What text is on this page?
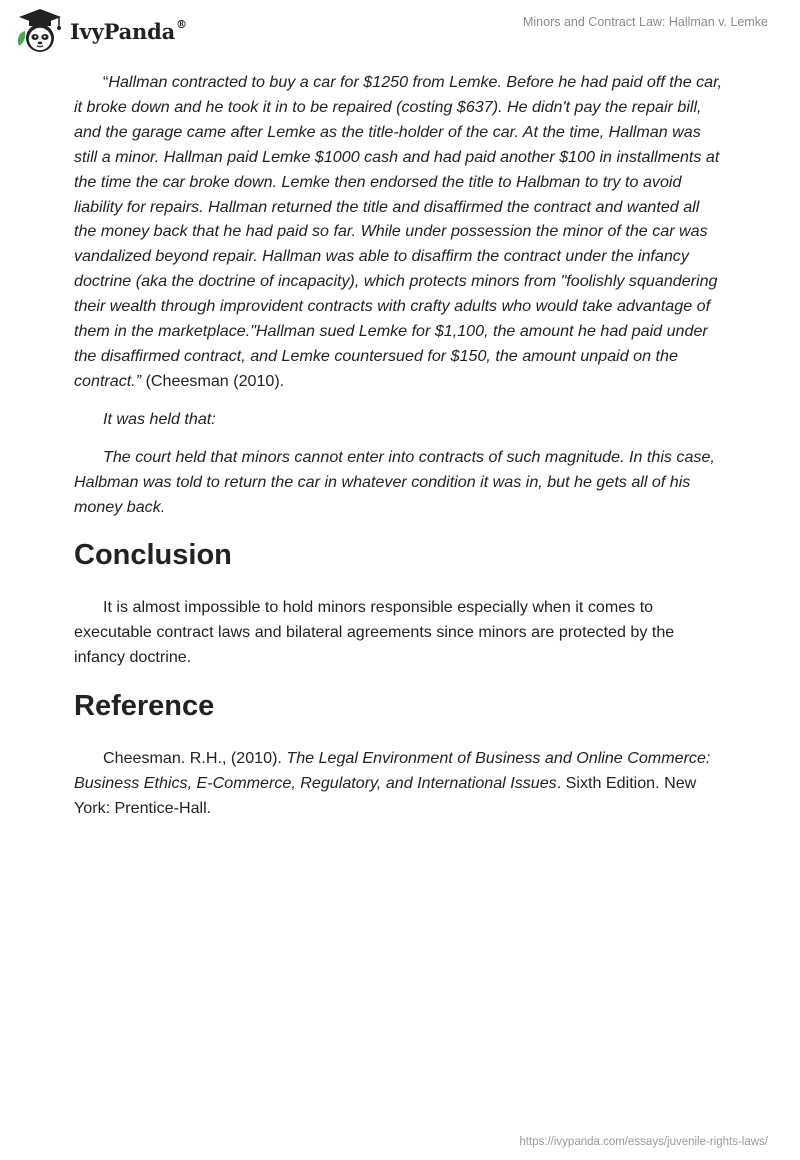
IvyPanda®	Minors and Contract Law: Hallman v. Lemke

“Hallman contracted to buy a car for $1250 from Lemke. Before he had paid off the car, it broke down and he took it in to be repaired (costing $637). He didn't pay the repair bill, and the garage came after Lemke as the title-holder of the car. At the time, Hallman was still a minor. Hallman paid Lemke $1000 cash and had paid another $100 in installments at the time the car broke down. Lemke then endorsed the title to Halbman to try to avoid liability for repairs. Hallman returned the title and disaffirmed the contract and wanted all the money back that he had paid so far. While under possession the minor of the car was vandalized beyond repair. Hallman was able to disaffirm the contract under the infancy doctrine (aka the doctrine of incapacity), which protects minors from "foolishly squandering their wealth through improvident contracts with crafty adults who would take advantage of them in the marketplace."Hallman sued Lemke for $1,100, the amount he had paid under the disaffirmed contract, and Lemke countersued for $150, the amount unpaid on the contract.” (Cheesman (2010).

It was held that:

The court held that minors cannot enter into contracts of such magnitude. In this case, Halbman was told to return the car in whatever condition it was in, but he gets all of his money back.

Conclusion

It is almost impossible to hold minors responsible especially when it comes to executable contract laws and bilateral agreements since minors are protected by the infancy doctrine.

Reference

Cheesman. R.H., (2010). The Legal Environment of Business and Online Commerce: Business Ethics, E-Commerce, Regulatory, and International Issues. Sixth Edition. New York: Prentice-Hall.

https://ivypanda.com/essays/juvenile-rights-laws/
